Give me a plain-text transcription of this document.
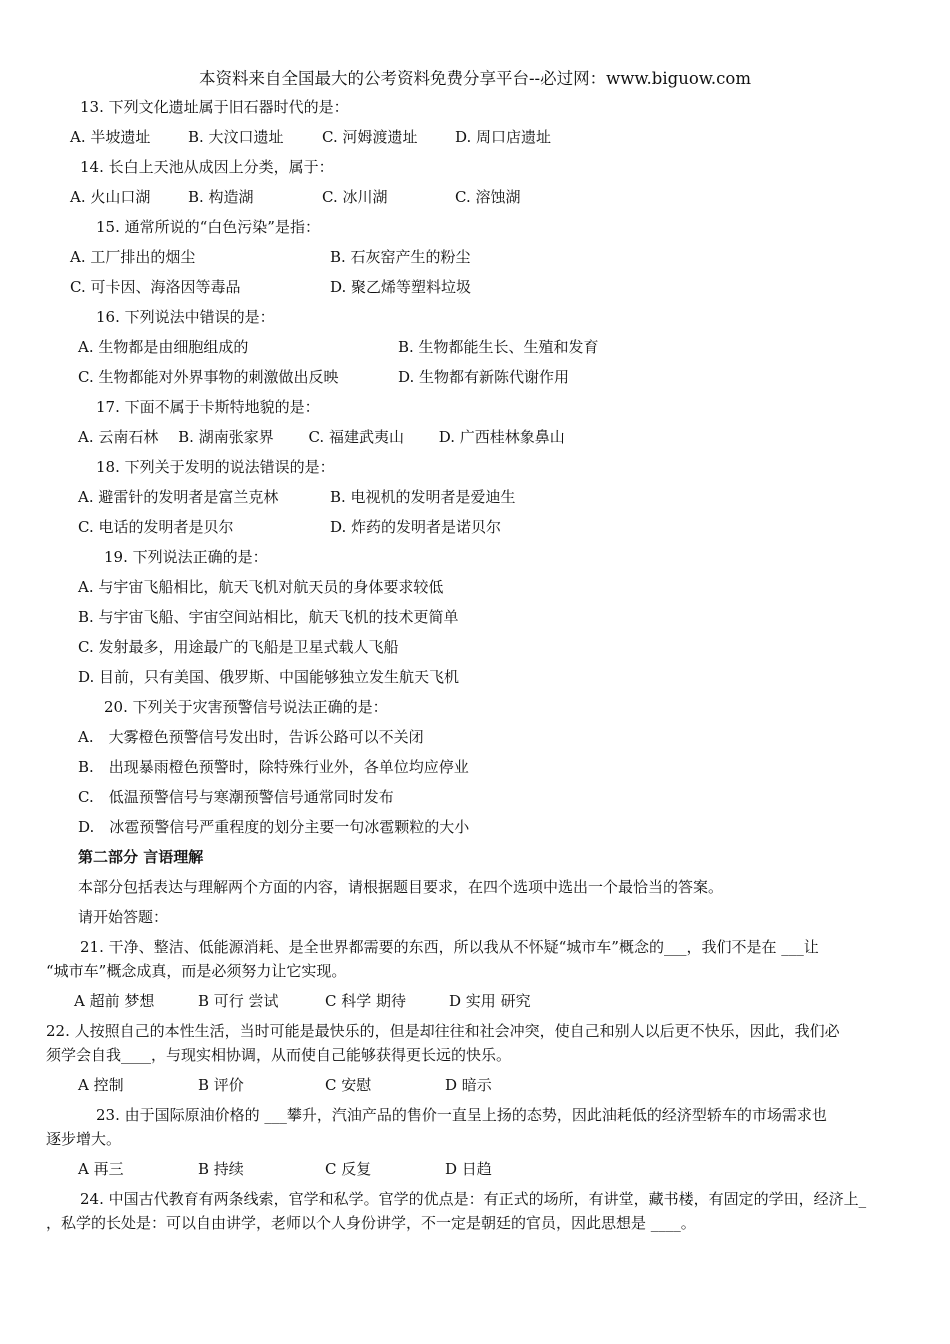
本资料来自全国最大的公考资料免费分享平台--必过网：www.biguow.com
13. 下列文化遗址属于旧石器时代的是：
A. 半坡遗址	B. 大汶口遗址	C. 河姆渡遗址	D. 周口店遗址
14. 长白上天池从成因上分类，属于：
A. 火山口湖	B. 构造湖	C. 冰川湖	C. 溶蚀湖
15. 通常所说的“白色污染”是指：
A. 工厂排出的烟尘	B. 石灰窑产生的粉尘
C. 可卡因、海洛因等毒品	D. 聚乙烯等塑料垃圾
16. 下列说法中错误的是：
A. 生物都是由细胞组成的	B. 生物都能生长、生殖和发育
C. 生物都能对外界事物的刺激做出反映	D. 生物都有新陈代谢作用
17. 下面不属于卡斯特地貌的是：
A. 云南石林　 B. 湖南张家界　　 C. 福建武夷山　　 D. 广西桂林象鼻山
18. 下列关于发明的说法错误的是：
A. 避雷针的发明者是富兰克林	B. 电视机的发明者是爱迪生
C. 电话的发明者是贝尔	D. 炸药的发明者是诺贝尔
19. 下列说法正确的是：
A. 与宇宙飞船相比，航天飞机对航天员的身体要求较低
B. 与宇宙飞船、宇宙空间站相比，航天飞机的技术更简单
C. 发射最多，用途最广的飞船是卫星式载人飞船
D. 目前，只有美国、俄罗斯、中国能够独立发生航天飞机
20. 下列关于灾害预警信号说法正确的是：
A.　大雾橙色预警信号发出时，告诉公路可以不关闭
B.　出现暴雨橙色预警时，除特殊行业外，各单位均应停业
C.　低温预警信号与寒潮预警信号通常同时发布
D.　冰雹预警信号严重程度的划分主要一句冰雹颗粒的大小
第二部分 言语理解
本部分包括表达与理解两个方面的内容，请根据题目要求，在四个选项中选出一个最恰当的答案。
请开始答题：
21. 干净、整洁、低能源消耗、是全世界都需要的东西，所以我从不怀疑“城市车”概念的___，我们不是在 ___让
“城市车”概念成真，而是必须努力让它实现。
A 超前 梦想	B 可行 尝试	C 科学 期待	D 实用 研究
22. 人按照自己的本性生活，当时可能是最快乐的，但是却往往和社会冲突，使自己和别人以后更不快乐，因此，我们必
须学会自我____，与现实相协调，从而使自己能够获得更长远的快乐。
A 控制	B 评价	C 安慰	D 暗示
23. 由于国际原油价格的 ___攀升，汽油产品的售价一直呈上扬的态势，因此油耗低的经济型轿车的市场需求也
逐步增大。
A 再三	B 持续	C 反复	D 日趋
24. 中国古代教育有两条线索，官学和私学。官学的优点是：有正式的场所，有讲堂，藏书楼，有固定的学田，经济上_
，私学的长处是：可以自由讲学，老师以个人身份讲学，不一定是朝廷的官员，因此思想是 ____。
